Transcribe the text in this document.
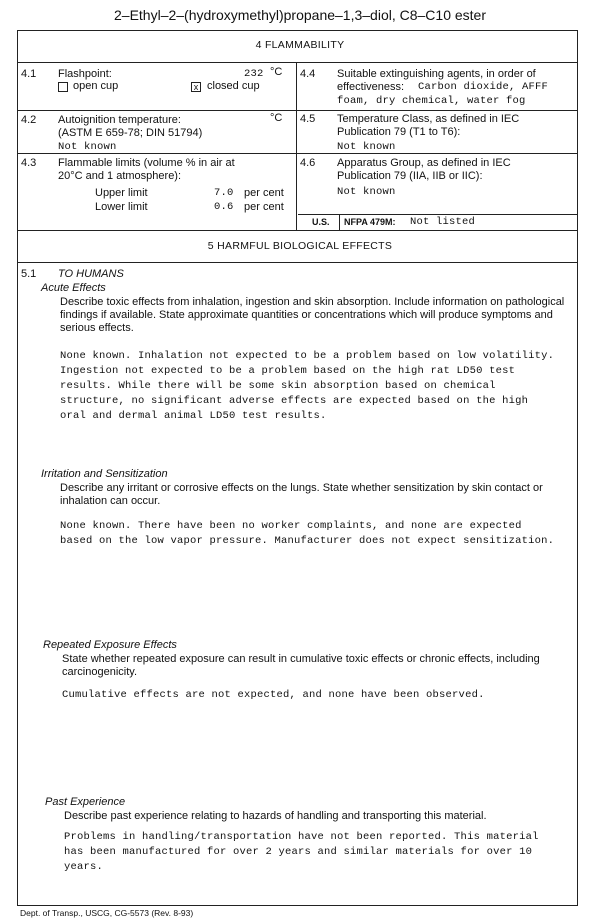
2–Ethyl–2–(hydroxymethyl)propane–1,3–diol, C8–C10 ester
4 FLAMMABILITY
4.1 Flashpoint:	232 °C
open cup	x closed cup
4.2 Autoignition temperature:	°C
(ASTM E 659-78; DIN 51794)
Not known
4.3 Flammable limits (volume % in air at
20°C and 1 atmosphere):
Upper limit	7.0 per cent
Lower limit	0.6 per cent
4.4 Suitable extinguishing agents, in order of
effectiveness: Carbon dioxide, AFFF
foam, dry chemical, water fog
4.5 Temperature Class, as defined in IEC
Publication 79 (T1 to T6):
Not known
4.6 Apparatus Group, as defined in IEC
Publication 79 (IIA, IIB or IIC):
Not known
U.S. NFPA 479M: Not listed
5 HARMFUL BIOLOGICAL EFFECTS
5.1 TO HUMANS
Acute Effects
Describe toxic effects from inhalation, ingestion and skin absorption. Include information on pathological findings if available. State approximate quantities or concentrations which will produce symptoms and serious effects.
None known. Inhalation not expected to be a problem based on low volatility. Ingestion not expected to be a problem based on the high rat LD50 test results. While there will be some skin absorption based on chemical structure, no significant adverse effects are expected based on the high oral and dermal animal LD50 test results.
Irritation and Sensitization
Describe any irritant or corrosive effects on the lungs. State whether sensitization by skin contact or inhalation can occur.
None known. There have been no worker complaints, and none are expected based on the low vapor pressure. Manufacturer does not expect sensitization.
Repeated Exposure Effects
State whether repeated exposure can result in cumulative toxic effects or chronic effects, including carcinogenicity.
Cumulative effects are not expected, and none have been observed.
Past Experience
Describe past experience relating to hazards of handling and transporting this material.
Problems in handling/transportation have not been reported. This material has been manufactured for over 2 years and similar materials for over 10 years.
Dept. of Transp., USCG, CG-5573 (Rev. 8-93)
